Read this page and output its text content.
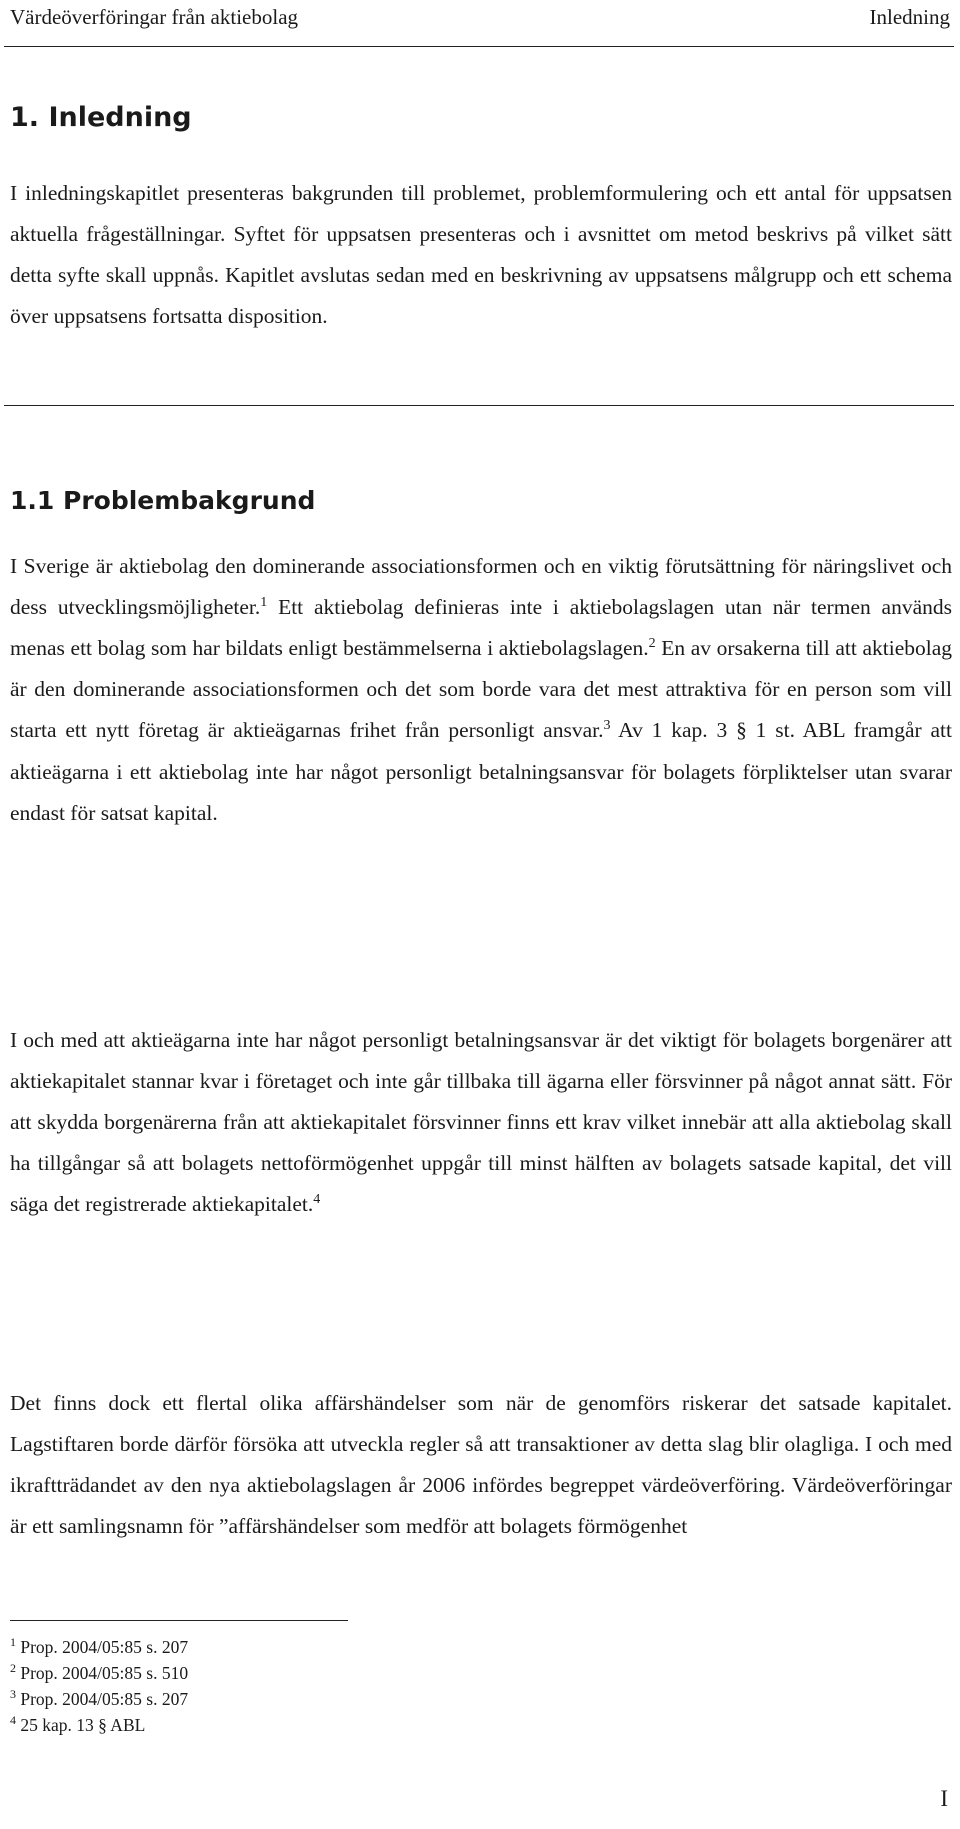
Värdeöverföringar från aktiebolag	Inledning
1. Inledning

I inledningskapitlet presenteras bakgrunden till problemet, problemformulering och ett antal för uppsatsen aktuella frågeställningar. Syftet för uppsatsen presenteras och i avsnittet om metod beskrivs på vilket sätt detta syfte skall uppnås. Kapitlet avslutas sedan med en beskrivning av uppsatsens målgrupp och ett schema över uppsatsens fortsatta disposition.

1.1 Problembakgrund

I Sverige är aktiebolag den dominerande associationsformen och en viktig förutsättning för näringslivet och dess utvecklingsmöjligheter.$^1$ Ett aktiebolag definieras inte i aktiebolagslagen utan när termen används menas ett bolag som har bildats enligt bestämmelserna i aktiebolagslagen.$^2$ En av orsakerna till att aktiebolag är den dominerande associationsformen och det som borde vara det mest attraktiva för en person som vill starta ett nytt företag är aktieägarnas frihet från personligt ansvar.$^3$ Av 1 kap. 3 § 1 st. ABL framgår att aktieägarna i ett aktiebolag inte har något personligt betalningsansvar för bolagets förpliktelser utan svarar endast för satsat kapital.

I och med att aktieägarna inte har något personligt betalningsansvar är det viktigt för bolagets borgenärer att aktiekapitalet stannar kvar i företaget och inte går tillbaka till ägarna eller försvinner på något annat sätt. För att skydda borgenärerna från att aktiekapitalet försvinner finns ett krav vilket innebär att alla aktiebolag skall ha tillgångar så att bolagets nettoförmögenhet uppgår till minst hälften av bolagets satsade kapital, det vill säga det registrerade aktiekapitalet.$^4$

Det finns dock ett flertal olika affärshändelser som när de genomförs riskerar det satsade kapitalet. Lagstiftaren borde därför försöka att utveckla regler så att transaktioner av detta slag blir olagliga. I och med ikraftträdandet av den nya aktiebolagslagen år 2006 infördes begreppet värdeöverföring. Värdeöverföringar är ett samlingsnamn för ”affärshändelser som medför att bolagets förmögenhet

$^1$ Prop. 2004/05:85 s. 207
$^2$ Prop. 2004/05:85 s. 510
$^3$ Prop. 2004/05:85 s. 207
$^4$ 25 kap. 13 § ABL
I
